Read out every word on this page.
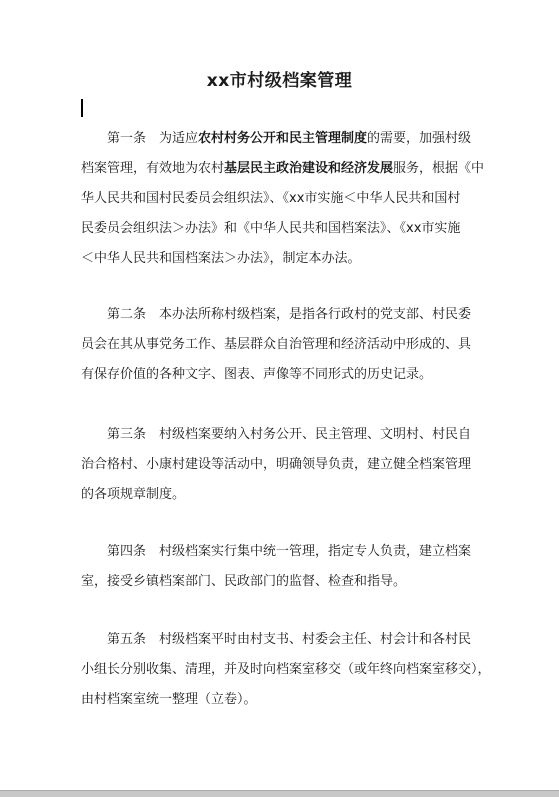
xx市村级档案管理
第一条　为适应农村村务公开和民主管理制度的需要，加强村级
档案管理，有效地为农村基层民主政治建设和经济发展服务，根据《中
华人民共和国村民委员会组织法》、《xx市实施＜中华人民共和国村
民委员会组织法＞办法》和《中华人民共和国档案法》、《xx市实施
＜中华人民共和国档案法＞办法》，制定本办法。
第二条　本办法所称村级档案，是指各行政村的党支部、村民委
员会在其从事党务工作、基层群众自治管理和经济活动中形成的、具
有保存价值的各种文字、图表、声像等不同形式的历史记录。
第三条　村级档案要纳入村务公开、民主管理、文明村、村民自
治合格村、小康村建设等活动中，明确领导负责，建立健全档案管理
的各项规章制度。
第四条　村级档案实行集中统一管理，指定专人负责，建立档案
室，接受乡镇档案部门、民政部门的监督、检查和指导。
第五条　村级档案平时由村支书、村委会主任、村会计和各村民
小组长分别收集、清理，并及时向档案室移交（或年终向档案室移交），
由村档案室统一整理（立卷）。
